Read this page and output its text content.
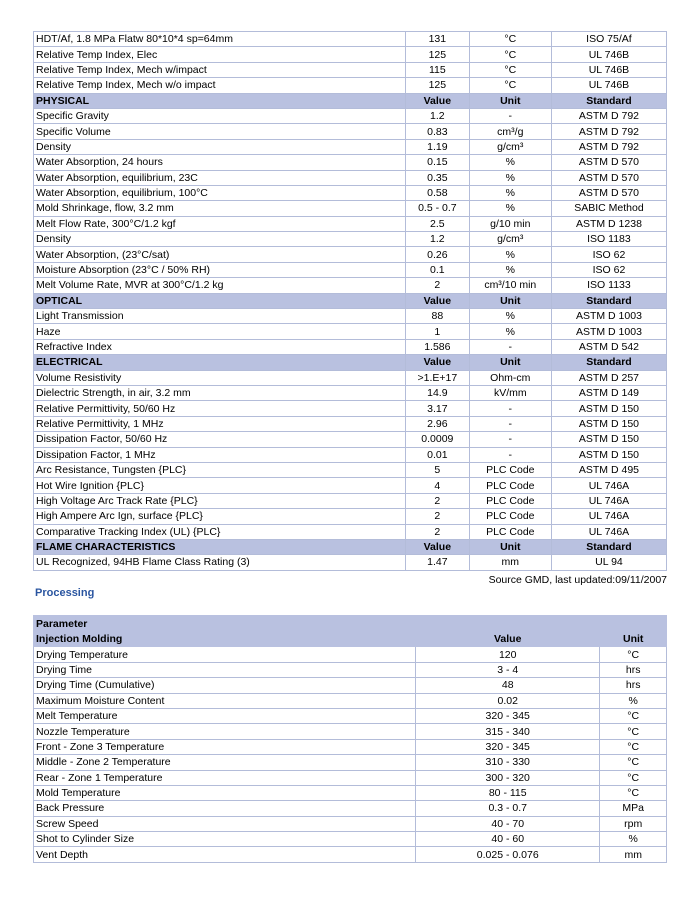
HDT/Af, 1.8 MPa Flatw 80*10*4 sp=64mm	131	°C	ISO 75/Af
Relative Temp Index, Elec	125	°C	UL 746B
Relative Temp Index, Mech w/impact	115	°C	UL 746B
Relative Temp Index, Mech w/o impact	125	°C	UL 746B
PHYSICAL	Value	Unit	Standard
Specific Gravity	1.2	-	ASTM D 792
Specific Volume	0.83	cm³/g	ASTM D 792
Density	1.19	g/cm³	ASTM D 792
Water Absorption, 24 hours	0.15	%	ASTM D 570
Water Absorption, equilibrium, 23C	0.35	%	ASTM D 570
Water Absorption, equilibrium, 100°C	0.58	%	ASTM D 570
Mold Shrinkage, flow, 3.2 mm	0.5 - 0.7	%	SABIC Method
Melt Flow Rate, 300°C/1.2 kgf	2.5	g/10 min	ASTM D 1238
Density	1.2	g/cm³	ISO 1183
Water Absorption, (23°C/sat)	0.26	%	ISO 62
Moisture Absorption (23°C / 50% RH)	0.1	%	ISO 62
Melt Volume Rate, MVR at 300°C/1.2 kg	2	cm³/10 min	ISO 1133
OPTICAL	Value	Unit	Standard
Light Transmission	88	%	ASTM D 1003
Haze	1	%	ASTM D 1003
Refractive Index	1.586	-	ASTM D 542
ELECTRICAL	Value	Unit	Standard
Volume Resistivity	>1.E+17	Ohm-cm	ASTM D 257
Dielectric Strength, in air, 3.2 mm	14.9	kV/mm	ASTM D 149
Relative Permittivity, 50/60 Hz	3.17	-	ASTM D 150
Relative Permittivity, 1 MHz	2.96	-	ASTM D 150
Dissipation Factor, 50/60 Hz	0.0009	-	ASTM D 150
Dissipation Factor, 1 MHz	0.01	-	ASTM D 150
Arc Resistance, Tungsten {PLC}	5	PLC Code	ASTM D 495
Hot Wire Ignition {PLC}	4	PLC Code	UL 746A
High Voltage Arc Track Rate {PLC}	2	PLC Code	UL 746A
High Ampere Arc Ign, surface {PLC}	2	PLC Code	UL 746A
Comparative Tracking Index (UL) {PLC}	2	PLC Code	UL 746A
FLAME CHARACTERISTICS	Value	Unit	Standard
UL Recognized, 94HB Flame Class Rating (3)	1.47	mm	UL 94
Source GMD, last updated:09/11/2007
Processing
Parameter		
Injection Molding	Value	Unit
Drying Temperature	120	°C
Drying Time	3 - 4	hrs
Drying Time (Cumulative)	48	hrs
Maximum Moisture Content	0.02	%
Melt Temperature	320 - 345	°C
Nozzle Temperature	315 - 340	°C
Front - Zone 3 Temperature	320 - 345	°C
Middle - Zone 2 Temperature	310 - 330	°C
Rear - Zone 1 Temperature	300 - 320	°C
Mold Temperature	80 - 115	°C
Back Pressure	0.3 - 0.7	MPa
Screw Speed	40 - 70	rpm
Shot to Cylinder Size	40 - 60	%
Vent Depth	0.025 - 0.076	mm
